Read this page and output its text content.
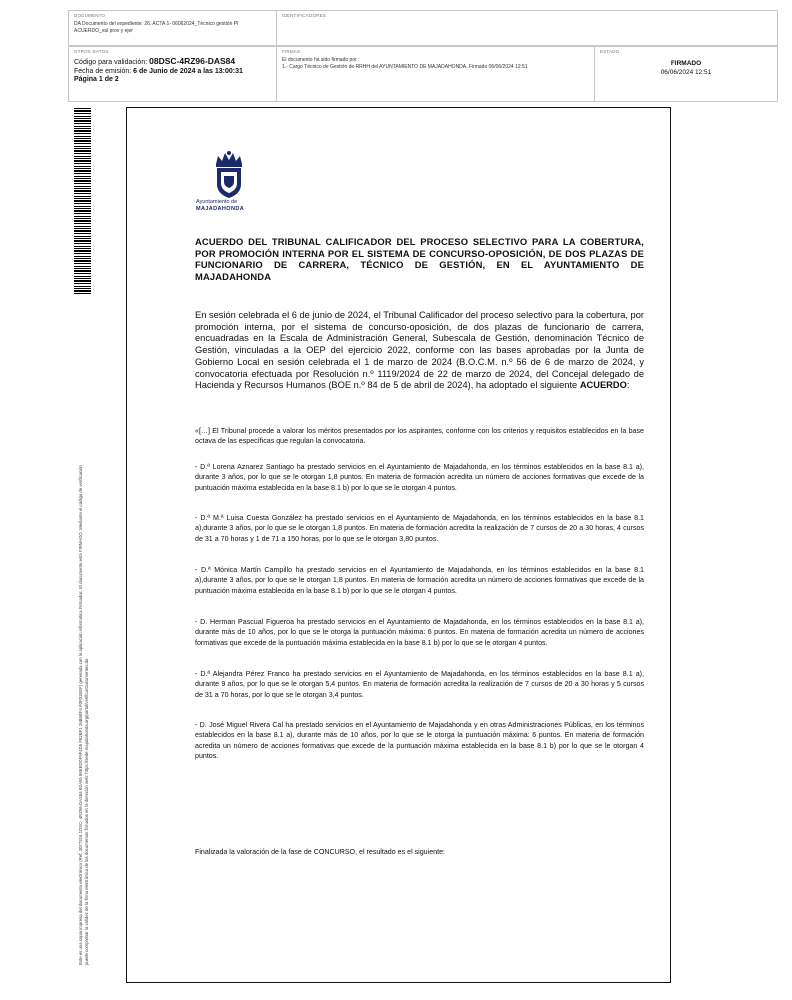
DOCUMENTO
DA Documento del expediente: 26. ACTA 1- 06062024_Técnico gestión PI ACUERDO_val prov y ejer
IDENTIFICADORES
OTROS DATOS
Código para validación: 08DSC-4RZ96-DAS84
Fecha de emisión: 6 de Junio de 2024 a las 13:00:31
Página 1 de 2
FIRMAS
El documento ha sido firmado por :
1.- Cargo Técnico de Gestión de RRHH del AYUNTAMIENTO DE MAJADAHONDA. Firmado 06/06/2024 12:51
ESTADO
FIRMADO
06/06/2024 12:51
Este es una copia impresa del documento electrónico (Ref: 3077316 1DSC- 4RZ96-DAS84 B2A55 86EEDDF9F4D5 F82BF1 26B6BF4 F0F01EEF) generada con la aplicación informática Firmadoc. El documento está FIRMADO. Mediante el código de verificación puede comprobar la validez de la firma electrónica de los documentos firmados en la dirección web: https://sede.majadahonda.org/portal/verificarDocumentos.do
Ayuntamiento de
MAJADAHONDA
ACUERDO DEL TRIBUNAL CALIFICADOR DEL PROCESO SELECTIVO PARA LA COBERTURA, POR PROMOCIÓN INTERNA POR EL SISTEMA DE CONCURSO-OPOSICIÓN, DE DOS PLAZAS DE FUNCIONARIO DE CARRERA, TÉCNICO DE GESTIÓN, EN EL AYUNTAMIENTO DE MAJADAHONDA
En sesión celebrada el 6 de junio de 2024, el Tribunal Calificador del proceso selectivo para la cobertura, por promoción interna, por el sistema de concurso-oposición, de dos plazas de funcionario de carrera, encuadradas en la Escala de Administración General, Subescala de Gestión, denominación Técnico de Gestión, vinculadas a la OEP del ejercicio 2022, conforme con las bases aprobadas por la Junta de Gobierno Local en sesión celebrada el 1 de marzo de 2024 (B.O.C.M. n.º 56 de 6 de marzo de 2024, y convocatoria efectuada por Resolución n.º 1119/2024 de 22 de marzo de 2024, del Concejal delegado de Hacienda y Recursos Humanos (BOE n.º 84 de 5 de abril de 2024), ha adoptado el siguiente ACUERDO:
«[…] El Tribunal procede a valorar los méritos presentados por los aspirantes, conforme con los criterios y requisitos establecidos en la base octava de las específicas que regulan la convocatoria.
- D.ª Lorena Aznarez Santiago ha prestado servicios en el Ayuntamiento de Majadahonda, en los términos establecidos en la base 8.1 a), durante 3 años, por lo que se le otorgan 1,8 puntos. En materia de formación acredita un número de acciones formativas que excede de la puntuación máxima establecida en la base 8.1 b) por lo que se le otorgan 4 puntos.
- D.ª M.ª Luisa Cuesta González ha prestado servicios en el Ayuntamiento de Majadahonda, en los términos establecidos en la base 8.1 a),durante 3 años, por lo que se le otorgan 1,8 puntos. En materia de formación acredita la realización de 7 cursos de 20 a 30 horas, 4 cursos de 31 a 70 horas y 1 de 71 a 150 horas, por lo que se le otorgan 3,80 puntos.
- D.ª Mónica Martín Campillo ha prestado servicios en el Ayuntamiento de Majadahonda, en los términos establecidos en la base 8.1 a),durante 3 años, por lo que se le otorgan 1,8 puntos. En materia de formación acredita un número de acciones formativas que excede de la puntuación máxima establecida en la base 8.1 b) por lo que se le otorgan 4 puntos.
- D. Herman Pascual Figueroa ha prestado servicios en el Ayuntamiento de Majadahonda, en los términos establecidos en la base 8.1 a), durante más de 10 años, por lo que se le otorga la puntuación máxima: 6 puntos. En materia de formación acredita un número de acciones formativas que excede de la puntuación máxima establecida en la base 8.1 b) por lo que se le otorgan 4 puntos.
- D.ª Alejandra Pérez Franco ha prestado servicios en el Ayuntamiento de Majadahonda, en los términos establecidos en la base 8.1 a), durante 9 años, por lo que se le otorgan 5,4 puntos. En materia de formación acredita la realización de 7 cursos de 20 a 30 horas y 5 cursos de 31 a 70 horas, por lo que se le otorgan 3,4 puntos.
- D. José Miguel Rivera Cal ha prestado servicios en el Ayuntamiento de Majadahonda y en otras Administraciones Públicas, en los términos establecidos en la base 8.1 a), durante más de 10 años, por lo que se le otorga la puntuación máxima: 6 puntos. En materia de formación acredita un número de acciones formativas que excede de la puntuación máxima establecida en la base 8.1 b) por lo que se le otorgan 4 puntos.
Finalizada la valoración de la fase de CONCURSO, el resultado es el siguiente:
